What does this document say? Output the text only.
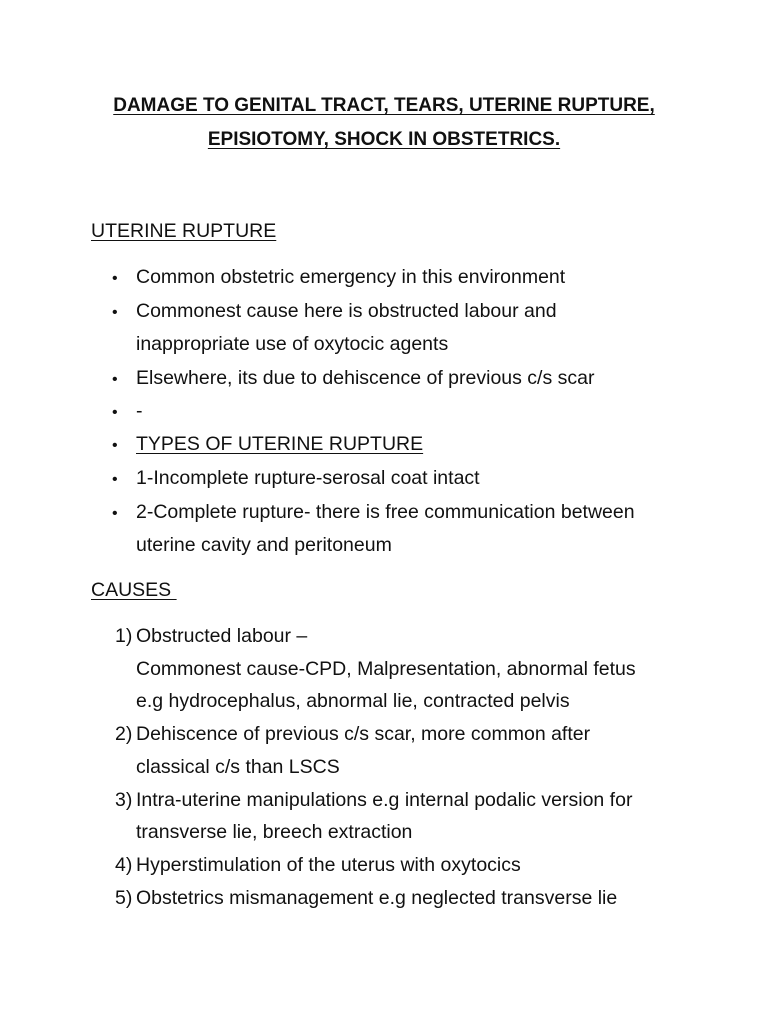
DAMAGE TO GENITAL TRACT, TEARS, UTERINE RUPTURE,
EPISIOTOMY, SHOCK IN OBSTETRICS.
UTERINE RUPTURE
• Common obstetric emergency in this environment
• Commonest cause here is obstructed labour and
inappropriate use of oxytocic agents
• Elsewhere, its due to dehiscence of previous c/s scar
• -
• TYPES OF UTERINE RUPTURE
• 1-Incomplete rupture-serosal coat intact
• 2-Complete rupture- there is free communication between
uterine cavity and peritoneum
CAUSES
1) Obstructed labour –
Commonest cause-CPD, Malpresentation, abnormal fetus
e.g hydrocephalus, abnormal lie, contracted pelvis
2) Dehiscence of previous c/s scar, more common after
classical c/s than LSCS
3) Intra-uterine manipulations e.g internal podalic version for
transverse lie, breech extraction
4) Hyperstimulation of the uterus with oxytocics
5) Obstetrics mismanagement e.g neglected transverse lie
